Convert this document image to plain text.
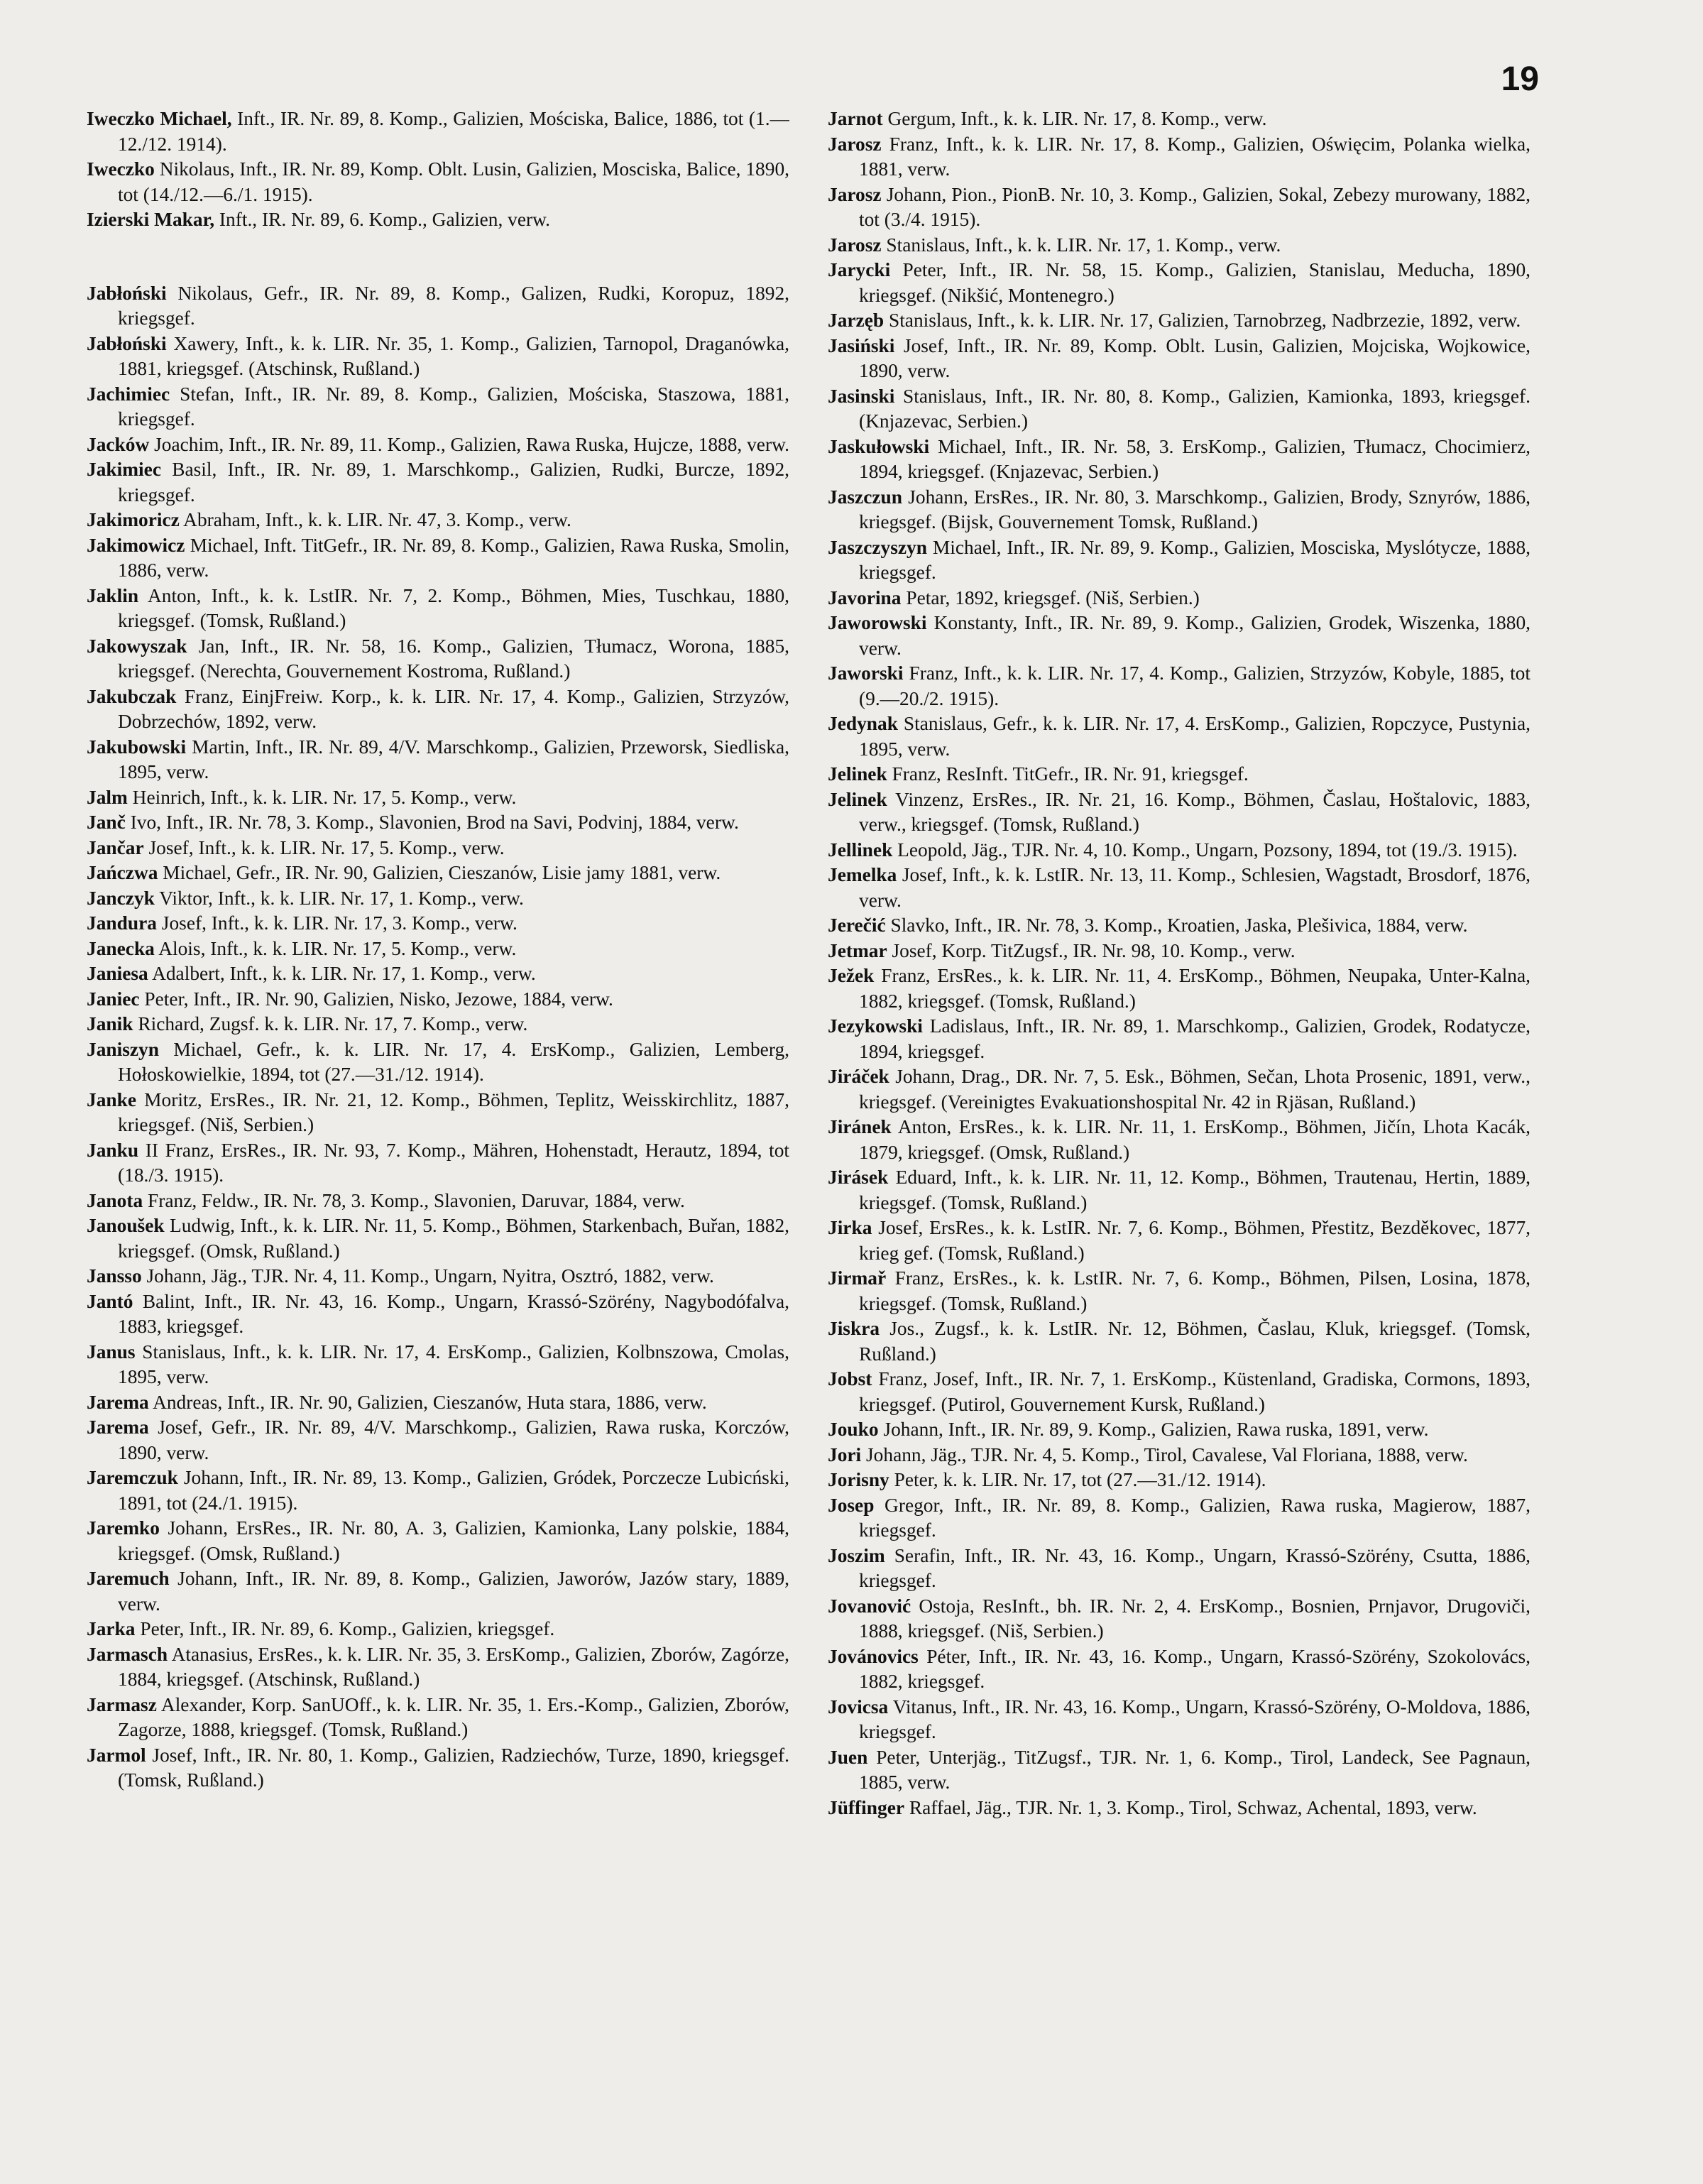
19

Iweczko Michael, Inft., IR. Nr. 89, 8. Komp., Galizien, Mościska, Balice, 1886, tot (1.—12./12. 1914).

Iweczko Nikolaus, Inft., IR. Nr. 89, Komp. Oblt. Lusin, Galizien, Mosciska, Balice, 1890, tot (14./12.—6./1. 1915).

Izierski Makar, Inft., IR. Nr. 89, 6. Komp., Galizien, verw.

Jabłoński Nikolaus, Gefr., IR. Nr. 89, 8. Komp., Galizen, Rudki, Koropuz, 1892, kriegsgef.

Jabłoński Xawery, Inft., k. k. LIR. Nr. 35, 1. Komp., Galizien, Tarnopol, Draganówka, 1881, kriegsgef. (Atschinsk, Rußland.)

Jachimiec Stefan, Inft., IR. Nr. 89, 8. Komp., Galizien, Mościska, Staszowa, 1881, kriegsgef.

Jacków Joachim, Inft., IR. Nr. 89, 11. Komp., Galizien, Rawa Ruska, Hujcze, 1888, verw.

Jakimiec Basil, Inft., IR. Nr. 89, 1. Marschkomp., Galizien, Rudki, Burcze, 1892, kriegsgef.

Jakimoricz Abraham, Inft., k. k. LIR. Nr. 47, 3. Komp., verw.

Jakimowicz Michael, Inft. TitGefr., IR. Nr. 89, 8. Komp., Galizien, Rawa Ruska, Smolin, 1886, verw.

Jaklin Anton, Inft., k. k. LstIR. Nr. 7, 2. Komp., Böhmen, Mies, Tuschkau, 1880, kriegsgef. (Tomsk, Rußland.)

Jakowyszak Jan, Inft., IR. Nr. 58, 16. Komp., Galizien, Tłumacz, Worona, 1885, kriegsgef. (Nerechta, Gouvernement Kostroma, Rußland.)

Jakubczak Franz, EinjFreiw. Korp., k. k. LIR. Nr. 17, 4. Komp., Galizien, Strzyzów, Dobrzechów, 1892, verw.

Jakubowski Martin, Inft., IR. Nr. 89, 4/V. Marschkomp., Galizien, Przeworsk, Siedliska, 1895, verw.

Jalm Heinrich, Inft., k. k. LIR. Nr. 17, 5. Komp., verw.

Janč Ivo, Inft., IR. Nr. 78, 3. Komp., Slavonien, Brod na Savi, Podvinj, 1884, verw.

Jančar Josef, Inft., k. k. LIR. Nr. 17, 5. Komp., verw.

Jańczwa Michael, Gefr., IR. Nr. 90, Galizien, Cieszanów, Lisie jamy 1881, verw.

Janczyk Viktor, Inft., k. k. LIR. Nr. 17, 1. Komp., verw.

Jandura Josef, Inft., k. k. LIR. Nr. 17, 3. Komp., verw.

Janecka Alois, Inft., k. k. LIR. Nr. 17, 5. Komp., verw.

Janiesa Adalbert, Inft., k. k. LIR. Nr. 17, 1. Komp., verw.

Janiec Peter, Inft., IR. Nr. 90, Galizien, Nisko, Jezowe, 1884, verw.

Janik Richard, Zugsf. k. k. LIR. Nr. 17, 7. Komp., verw.

Janiszyn Michael, Gefr., k. k. LIR. Nr. 17, 4. ErsKomp., Galizien, Lemberg, Hołoskowielkie, 1894, tot (27.—31./12. 1914).

Janke Moritz, ErsRes., IR. Nr. 21, 12. Komp., Böhmen, Teplitz, Weisskirchlitz, 1887, kriegsgef. (Niš, Serbien.)

Janku II Franz, ErsRes., IR. Nr. 93, 7. Komp., Mähren, Hohenstadt, Herautz, 1894, tot (18./3. 1915).

Janota Franz, Feldw., IR. Nr. 78, 3. Komp., Slavonien, Daruvar, 1884, verw.

Janoušek Ludwig, Inft., k. k. LIR. Nr. 11, 5. Komp., Böhmen, Starkenbach, Buřan, 1882, kriegsgef. (Omsk, Rußland.)

Jansso Johann, Jäg., TJR. Nr. 4, 11. Komp., Ungarn, Nyitra, Osztró, 1882, verw.

Jantó Balint, Inft., IR. Nr. 43, 16. Komp., Ungarn, Krassó-Szörény, Nagybodófalva, 1883, kriegsgef.

Janus Stanislaus, Inft., k. k. LIR. Nr. 17, 4. ErsKomp., Galizien, Kolbnszowa, Cmolas, 1895, verw.

Jarema Andreas, Inft., IR. Nr. 90, Galizien, Cieszanów, Huta stara, 1886, verw.

Jarema Josef, Gefr., IR. Nr. 89, 4/V. Marschkomp., Galizien, Rawa ruska, Korczów, 1890, verw.

Jaremczuk Johann, Inft., IR. Nr. 89, 13. Komp., Galizien, Gródek, Porczecze Lubicński, 1891, tot (24./1. 1915).

Jaremko Johann, ErsRes., IR. Nr. 80, A. 3, Galizien, Kamionka, Lany polskie, 1884, kriegsgef. (Omsk, Rußland.)

Jaremuch Johann, Inft., IR. Nr. 89, 8. Komp., Galizien, Jaworów, Jazów stary, 1889, verw.

Jarka Peter, Inft., IR. Nr. 89, 6. Komp., Galizien, kriegsgef.

Jarmasch Atanasius, ErsRes., k. k. LIR. Nr. 35, 3. ErsKomp., Galizien, Zborów, Zagórze, 1884, kriegsgef. (Atschinsk, Rußland.)

Jarmasz Alexander, Korp. SanUOff., k. k. LIR. Nr. 35, 1. Ers.-Komp., Galizien, Zborów, Zagorze, 1888, kriegsgef. (Tomsk, Rußland.)

Jarmol Josef, Inft., IR. Nr. 80, 1. Komp., Galizien, Radziechów, Turze, 1890, kriegsgef. (Tomsk, Rußland.)

Jarnot Gergum, Inft., k. k. LIR. Nr. 17, 8. Komp., verw.

Jarosz Franz, Inft., k. k. LIR. Nr. 17, 8. Komp., Galizien, Oświęcim, Polanka wielka, 1881, verw.

Jarosz Johann, Pion., PionB. Nr. 10, 3. Komp., Galizien, Sokal, Zebezy murowany, 1882, tot (3./4. 1915).

Jarosz Stanislaus, Inft., k. k. LIR. Nr. 17, 1. Komp., verw.

Jarycki Peter, Inft., IR. Nr. 58, 15. Komp., Galizien, Stanislau, Meducha, 1890, kriegsgef. (Nikšić, Montenegro.)

Jarzęb Stanislaus, Inft., k. k. LIR. Nr. 17, Galizien, Tarnobrzeg, Nadbrzezie, 1892, verw.

Jasiński Josef, Inft., IR. Nr. 89, Komp. Oblt. Lusin, Galizien, Mojciska, Wojkowice, 1890, verw.

Jasinski Stanislaus, Inft., IR. Nr. 80, 8. Komp., Galizien, Kamionka, 1893, kriegsgef. (Knjazevac, Serbien.)

Jaskułowski Michael, Inft., IR. Nr. 58, 3. ErsKomp., Galizien, Tłumacz, Chocimierz, 1894, kriegsgef. (Knjazevac, Serbien.)

Jaszczun Johann, ErsRes., IR. Nr. 80, 3. Marschkomp., Galizien, Brody, Sznyrów, 1886, kriegsgef. (Bijsk, Gouvernement Tomsk, Rußland.)

Jaszczyszyn Michael, Inft., IR. Nr. 89, 9. Komp., Galizien, Mosciska, Myslótycze, 1888, kriegsgef.

Javorina Petar, 1892, kriegsgef. (Niš, Serbien.)

Jaworowski Konstanty, Inft., IR. Nr. 89, 9. Komp., Galizien, Grodek, Wiszenka, 1880, verw.

Jaworski Franz, Inft., k. k. LIR. Nr. 17, 4. Komp., Galizien, Strzyzów, Kobyle, 1885, tot (9.—20./2. 1915).

Jedynak Stanislaus, Gefr., k. k. LIR. Nr. 17, 4. ErsKomp., Galizien, Ropczyce, Pustynia, 1895, verw.

Jelinek Franz, ResInft. TitGefr., IR. Nr. 91, kriegsgef.

Jelinek Vinzenz, ErsRes., IR. Nr. 21, 16. Komp., Böhmen, Časlau, Hoštalovic, 1883, verw., kriegsgef. (Tomsk, Rußland.)

Jellinek Leopold, Jäg., TJR. Nr. 4, 10. Komp., Ungarn, Pozsony, 1894, tot (19./3. 1915).

Jemelka Josef, Inft., k. k. LstIR. Nr. 13, 11. Komp., Schlesien, Wagstadt, Brosdorf, 1876, verw.

Jerečić Slavko, Inft., IR. Nr. 78, 3. Komp., Kroatien, Jaska, Plešivica, 1884, verw.

Jetmar Josef, Korp. TitZugsf., IR. Nr. 98, 10. Komp., verw.

Ježek Franz, ErsRes., k. k. LIR. Nr. 11, 4. ErsKomp., Böhmen, Neupaka, Unter-Kalna, 1882, kriegsgef. (Tomsk, Rußland.)

Jezykowski Ladislaus, Inft., IR. Nr. 89, 1. Marschkomp., Galizien, Grodek, Rodatycze, 1894, kriegsgef.

Jiráček Johann, Drag., DR. Nr. 7, 5. Esk., Böhmen, Sečan, Lhota Prosenic, 1891, verw., kriegsgef. (Vereinigtes Evakuationshospital Nr. 42 in Rjäsan, Rußland.)

Jiránek Anton, ErsRes., k. k. LIR. Nr. 11, 1. ErsKomp., Böhmen, Jičín, Lhota Kacák, 1879, kriegsgef. (Omsk, Rußland.)

Jirásek Eduard, Inft., k. k. LIR. Nr. 11, 12. Komp., Böhmen, Trautenau, Hertin, 1889, kriegsgef. (Tomsk, Rußland.)

Jirka Josef, ErsRes., k. k. LstIR. Nr. 7, 6. Komp., Böhmen, Přestitz, Bezděkovec, 1877, krieg gef. (Tomsk, Rußland.)

Jirmař Franz, ErsRes., k. k. LstIR. Nr. 7, 6. Komp., Böhmen, Pilsen, Losina, 1878, kriegsgef. (Tomsk, Rußland.)

Jiskra Jos., Zugsf., k. k. LstIR. Nr. 12, Böhmen, Časlau, Kluk, kriegsgef. (Tomsk, Rußland.)

Jobst Franz, Josef, Inft., IR. Nr. 7, 1. ErsKomp., Küstenland, Gradiska, Cormons, 1893, kriegsgef. (Putirol, Gouvernement Kursk, Rußland.)

Jouko Johann, Inft., IR. Nr. 89, 9. Komp., Galizien, Rawa ruska, 1891, verw.

Jori Johann, Jäg., TJR. Nr. 4, 5. Komp., Tirol, Cavalese, Val Floriana, 1888, verw.

Jorisny Peter, k. k. LIR. Nr. 17, tot (27.—31./12. 1914).

Josep Gregor, Inft., IR. Nr. 89, 8. Komp., Galizien, Rawa ruska, Magierow, 1887, kriegsgef.

Joszim Serafin, Inft., IR. Nr. 43, 16. Komp., Ungarn, Krassó-Szörény, Csutta, 1886, kriegsgef.

Jovanović Ostoja, ResInft., bh. IR. Nr. 2, 4. ErsKomp., Bosnien, Prnjavor, Drugoviči, 1888, kriegsgef. (Niš, Serbien.)

Jovánovics Péter, Inft., IR. Nr. 43, 16. Komp., Ungarn, Krassó-Szörény, Szokolovács, 1882, kriegsgef.

Jovicsa Vitanus, Inft., IR. Nr. 43, 16. Komp., Ungarn, Krassó-Szörény, O-Moldova, 1886, kriegsgef.

Juen Peter, Unterjäg., TitZugsf., TJR. Nr. 1, 6. Komp., Tirol, Landeck, See Pagnaun, 1885, verw.

Jüffinger Raffael, Jäg., TJR. Nr. 1, 3. Komp., Tirol, Schwaz, Achental, 1893, verw.
